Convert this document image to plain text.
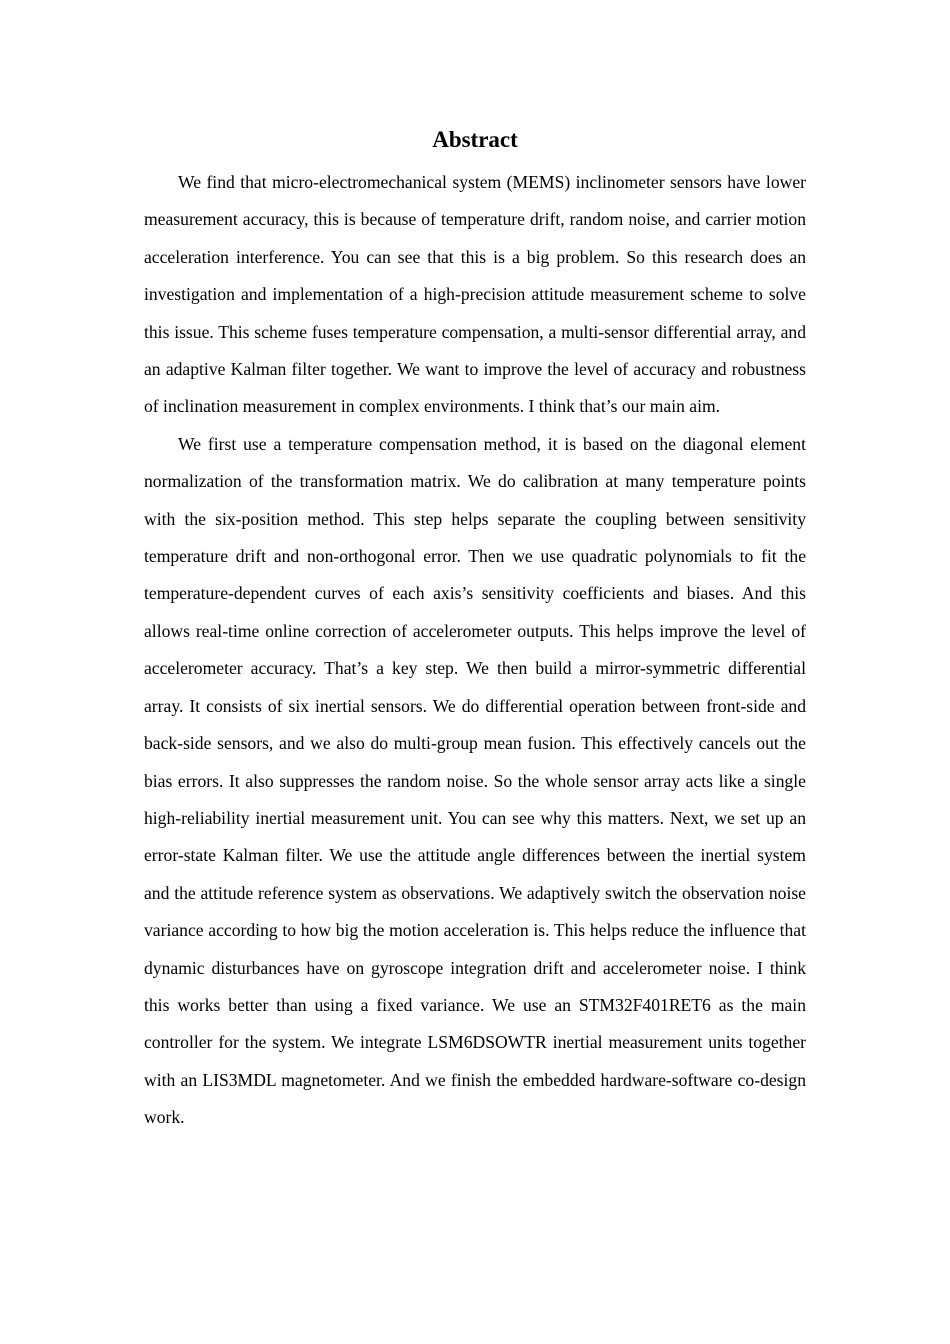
Abstract

We find that micro-electromechanical system (MEMS) inclinometer sensors have lower measurement accuracy, this is because of temperature drift, random noise, and carrier motion acceleration interference. You can see that this is a big problem. So this research does an investigation and implementation of a high-precision attitude measurement scheme to solve this issue. This scheme fuses temperature compensation, a multi-sensor differential array, and an adaptive Kalman filter together. We want to improve the level of accuracy and robustness of inclination measurement in complex environments. I think that’s our main aim.

We first use a temperature compensation method, it is based on the diagonal element normalization of the transformation matrix. We do calibration at many temperature points with the six-position method. This step helps separate the coupling between sensitivity temperature drift and non-orthogonal error. Then we use quadratic polynomials to fit the temperature-dependent curves of each axis’s sensitivity coefficients and biases. And this allows real-time online correction of accelerometer outputs. This helps improve the level of accelerometer accuracy. That’s a key step. We then build a mirror-symmetric differential array. It consists of six inertial sensors. We do differential operation between front-side and back-side sensors, and we also do multi-group mean fusion. This effectively cancels out the bias errors. It also suppresses the random noise. So the whole sensor array acts like a single high-reliability inertial measurement unit. You can see why this matters. Next, we set up an error-state Kalman filter. We use the attitude angle differences between the inertial system and the attitude reference system as observations. We adaptively switch the observation noise variance according to how big the motion acceleration is. This helps reduce the influence that dynamic disturbances have on gyroscope integration drift and accelerometer noise. I think this works better than using a fixed variance. We use an STM32F401RET6 as the main controller for the system. We integrate LSM6DSOWTR inertial measurement units together with an LIS3MDL magnetometer. And we finish the embedded hardware-software co-design work.
